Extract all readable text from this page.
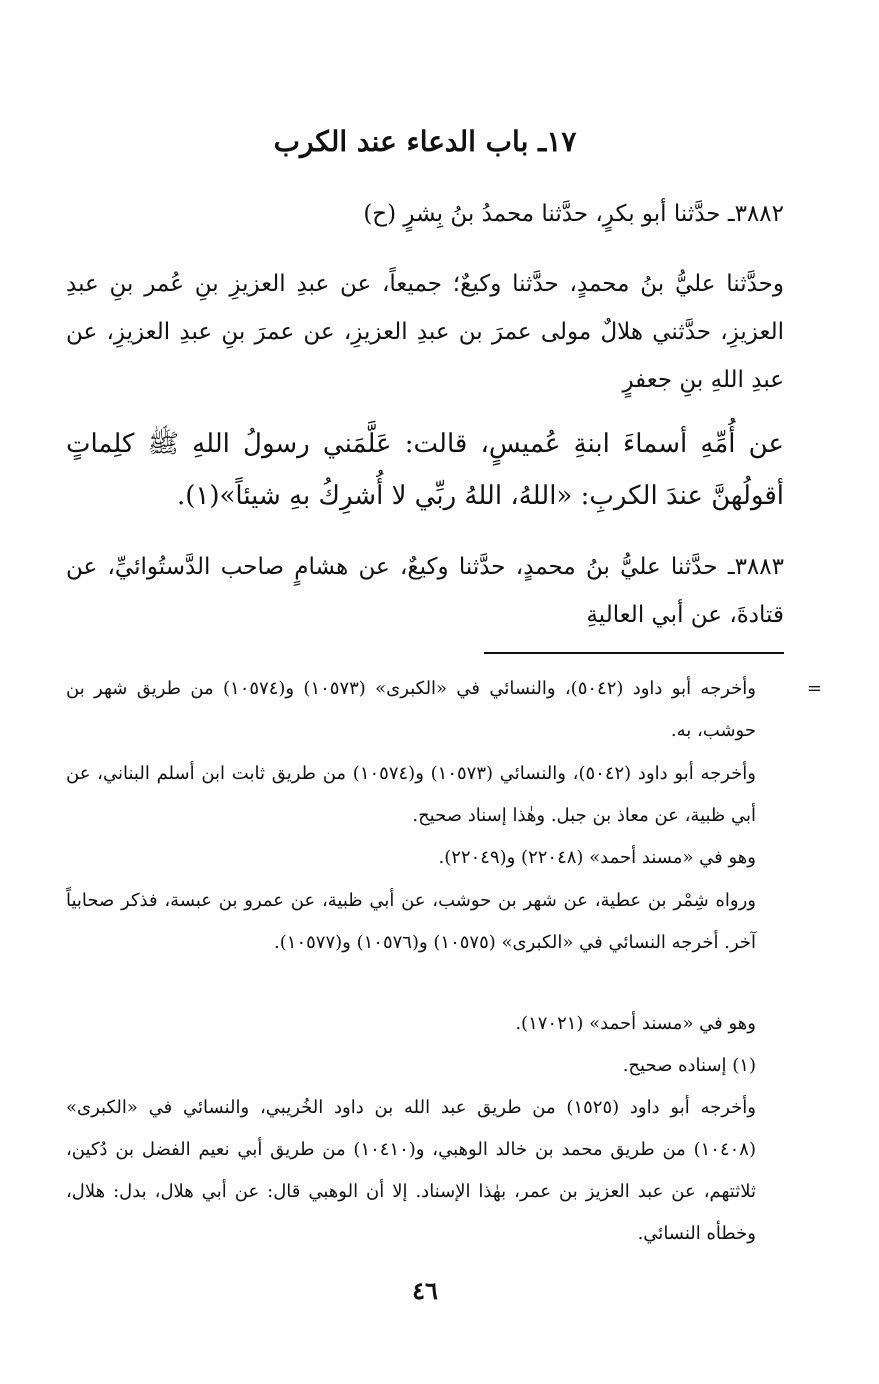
١٧ـ باب الدعاء عند الكرب

٣٨٨٢ـ حدَّثنا أبو بكرٍ، حدَّثنا محمدُ بنُ بِشرٍ (ح)

وحدَّثنا عليُّ بنُ محمدٍ، حدَّثنا وكيعٌ؛ جميعاً، عن عبدِ العزيزِ بنِ عُمر بنِ عبدِ العزيزِ، حدَّثني هلالٌ مولى عمرَ بن عبدِ العزيزِ، عن عمرَ بنِ عبدِ العزيزِ، عن عبدِ اللهِ بنِ جعفرٍ

عن أُمِّهِ أسماءَ ابنةِ عُميسٍ، قالت: عَلَّمَني رسولُ اللهِ ﷺ كلِماتٍ أقولُهنَّ عندَ الكربِ: «اللهُ، اللهُ ربِّي لا أُشرِكُ بهِ شيئاً»(١).

٣٨٨٣ـ حدَّثنا عليُّ بنُ محمدٍ، حدَّثنا وكيعٌ، عن هشامٍ صاحب الدَّستُوائيِّ، عن قتادةَ، عن أبي العاليةِ

=
وأخرجه أبو داود (٥٠٤٢)، والنسائي في «الكبرى» (١٠٥٧٣) و(١٠٥٧٤) من طريق شهر بن حوشب، به.

وأخرجه أبو داود (٥٠٤٢)، والنسائي (١٠٥٧٣) و(١٠٥٧٤) من طريق ثابت ابن أسلم البناني، عن أبي ظبية، عن معاذ بن جبل. وهٰذا إسناد صحيح.

وهو في «مسند أحمد» (٢٢٠٤٨) و(٢٢٠٤٩).

ورواه شِمْر بن عطية، عن شهر بن حوشب، عن أبي ظبية، عن عمرو بن عبسة، فذكر صحابياً آخر. أخرجه النسائي في «الكبرى» (١٠٥٧٥) و(١٠٥٧٦) و(١٠٥٧٧).

وهو في «مسند أحمد» (١٧٠٢١).

(١) إسناده صحيح.

وأخرجه أبو داود (١٥٢٥) من طريق عبد الله بن داود الخُريبي، والنسائي في «الكبرى» (١٠٤٠٨) من طريق محمد بن خالد الوهبي، و(١٠٤١٠) من طريق أبي نعيم الفضل بن دُكين، ثلاثتهم، عن عبد العزيز بن عمر، بهٰذا الإسناد. إلا أن الوهبي قال: عن أبي هلال، بدل: هلال، وخطأه النسائي.

٤٦
